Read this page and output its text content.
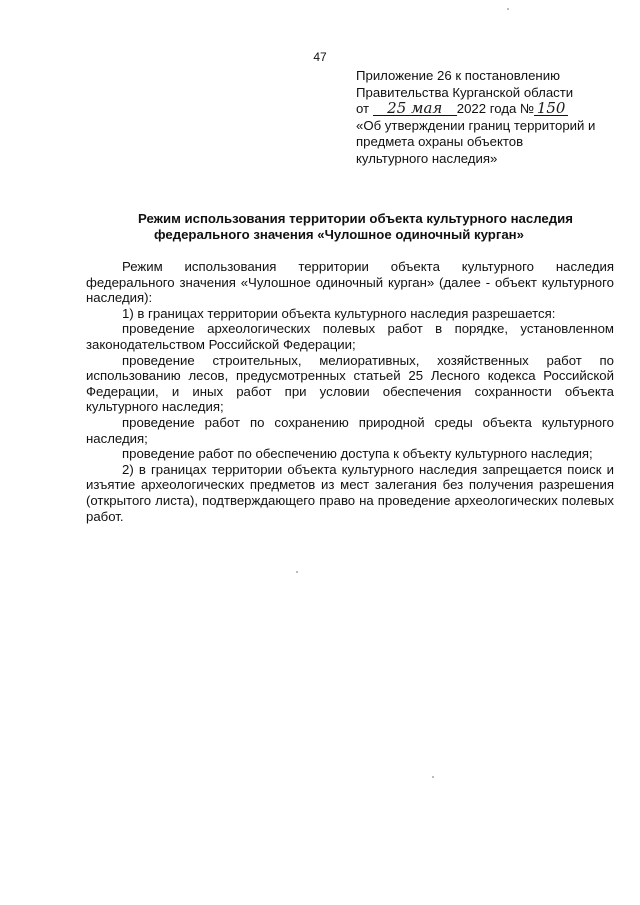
47
Приложение 26 к постановлению
Правительства Курганской области
от 25 мая 2022 года № 150
«Об утверждении границ территорий и
предмета охраны объектов
культурного наследия»
Режим использования территории объекта культурного наследия
федерального значения «Чулошное одиночный курган»

Режим использования территории объекта культурного наследия федерального значения «Чулошное одиночный курган» (далее - объект культурного наследия):

1) в границах территории объекта культурного наследия разрешается:

проведение археологических полевых работ в порядке, установленном законодательством Российской Федерации;

проведение строительных, мелиоративных, хозяйственных работ по использованию лесов, предусмотренных статьей 25 Лесного кодекса Российской Федерации, и иных работ при условии обеспечения сохранности объекта культурного наследия;

проведение работ по сохранению природной среды объекта культурного наследия;

проведение работ по обеспечению доступа к объекту культурного наследия;

2) в границах территории объекта культурного наследия запрещается поиск и изъятие археологических предметов из мест залегания без получения разрешения (открытого листа), подтверждающего право на проведение археологических полевых работ.
